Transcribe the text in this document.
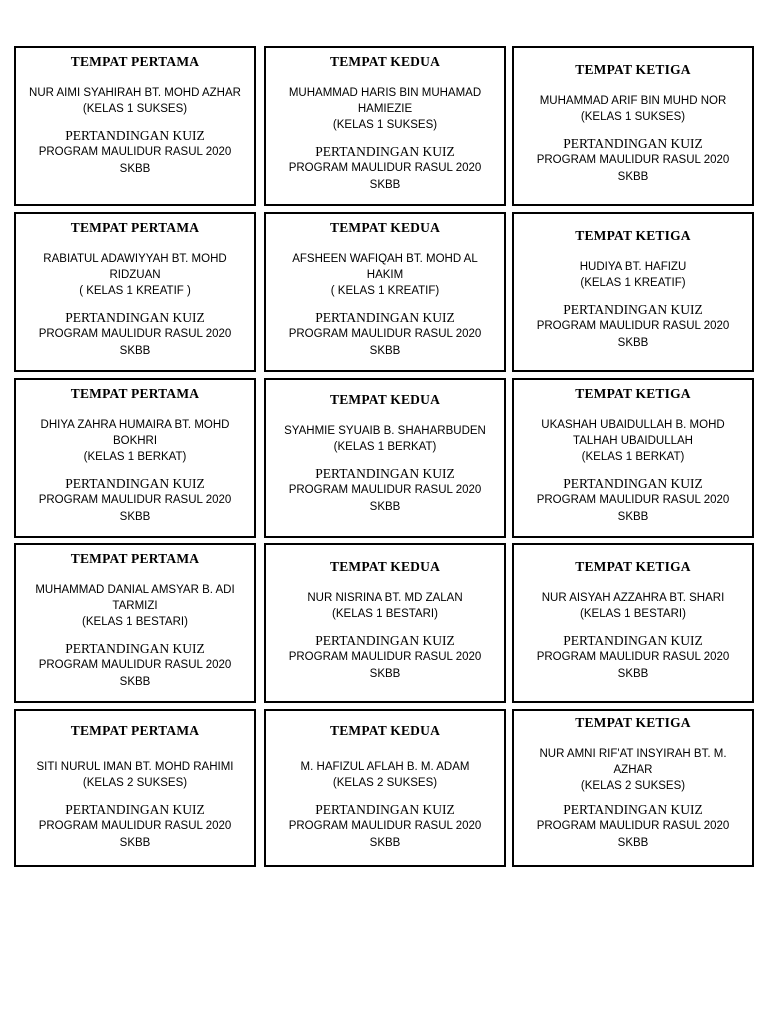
TEMPAT PERTAMA
NUR AIMI SYAHIRAH BT. MOHD AZHAR
(KELAS 1 SUKSES)
PERTANDINGAN KUIZ
PROGRAM MAULIDUR RASUL 2020
SKBB
TEMPAT KEDUA
MUHAMMAD HARIS BIN MUHAMAD HAMIEZIE
(KELAS 1 SUKSES)
PERTANDINGAN KUIZ
PROGRAM MAULIDUR RASUL 2020
SKBB
TEMPAT KETIGA
MUHAMMAD ARIF BIN MUHD NOR
(KELAS 1 SUKSES)
PERTANDINGAN KUIZ
PROGRAM MAULIDUR RASUL 2020
SKBB
TEMPAT PERTAMA
RABIATUL ADAWIYYAH BT. MOHD RIDZUAN
( KELAS 1 KREATIF )
PERTANDINGAN KUIZ
PROGRAM MAULIDUR RASUL 2020
SKBB
TEMPAT KEDUA
AFSHEEN WAFIQAH BT. MOHD AL HAKIM
( KELAS 1 KREATIF)
PERTANDINGAN KUIZ
PROGRAM MAULIDUR RASUL 2020
SKBB
TEMPAT KETIGA
HUDIYA BT. HAFIZU
(KELAS 1 KREATIF)
PERTANDINGAN KUIZ
PROGRAM MAULIDUR RASUL 2020
SKBB
TEMPAT PERTAMA
DHIYA ZAHRA HUMAIRA BT. MOHD BOKHRI
(KELAS 1 BERKAT)
PERTANDINGAN KUIZ
PROGRAM MAULIDUR RASUL 2020
SKBB
TEMPAT KEDUA
SYAHMIE SYUAIB B. SHAHARBUDEN
(KELAS 1 BERKAT)
PERTANDINGAN KUIZ
PROGRAM MAULIDUR RASUL 2020
SKBB
TEMPAT KETIGA
UKASHAH UBAIDULLAH B. MOHD TALHAH UBAIDULLAH
(KELAS 1 BERKAT)
PERTANDINGAN KUIZ
PROGRAM MAULIDUR RASUL 2020
SKBB
TEMPAT PERTAMA
MUHAMMAD DANIAL AMSYAR B. ADI TARMIZI
(KELAS 1 BESTARI)
PERTANDINGAN KUIZ
PROGRAM MAULIDUR RASUL 2020
SKBB
TEMPAT KEDUA
NUR NISRINA BT. MD ZALAN
(KELAS 1 BESTARI)
PERTANDINGAN KUIZ
PROGRAM MAULIDUR RASUL 2020
SKBB
TEMPAT KETIGA
NUR AISYAH AZZAHRA BT. SHARI
(KELAS 1 BESTARI)
PERTANDINGAN KUIZ
PROGRAM MAULIDUR RASUL 2020
SKBB
TEMPAT PERTAMA
SITI NURUL IMAN BT. MOHD RAHIMI
(KELAS 2 SUKSES)
PERTANDINGAN KUIZ
PROGRAM MAULIDUR RASUL 2020
SKBB
TEMPAT KEDUA
M. HAFIZUL AFLAH B. M. ADAM
(KELAS 2 SUKSES)
PERTANDINGAN KUIZ
PROGRAM MAULIDUR RASUL 2020
SKBB
TEMPAT KETIGA
NUR AMNI RIF'AT INSYIRAH BT. M. AZHAR
(KELAS 2 SUKSES)
PERTANDINGAN KUIZ
PROGRAM MAULIDUR RASUL 2020
SKBB
